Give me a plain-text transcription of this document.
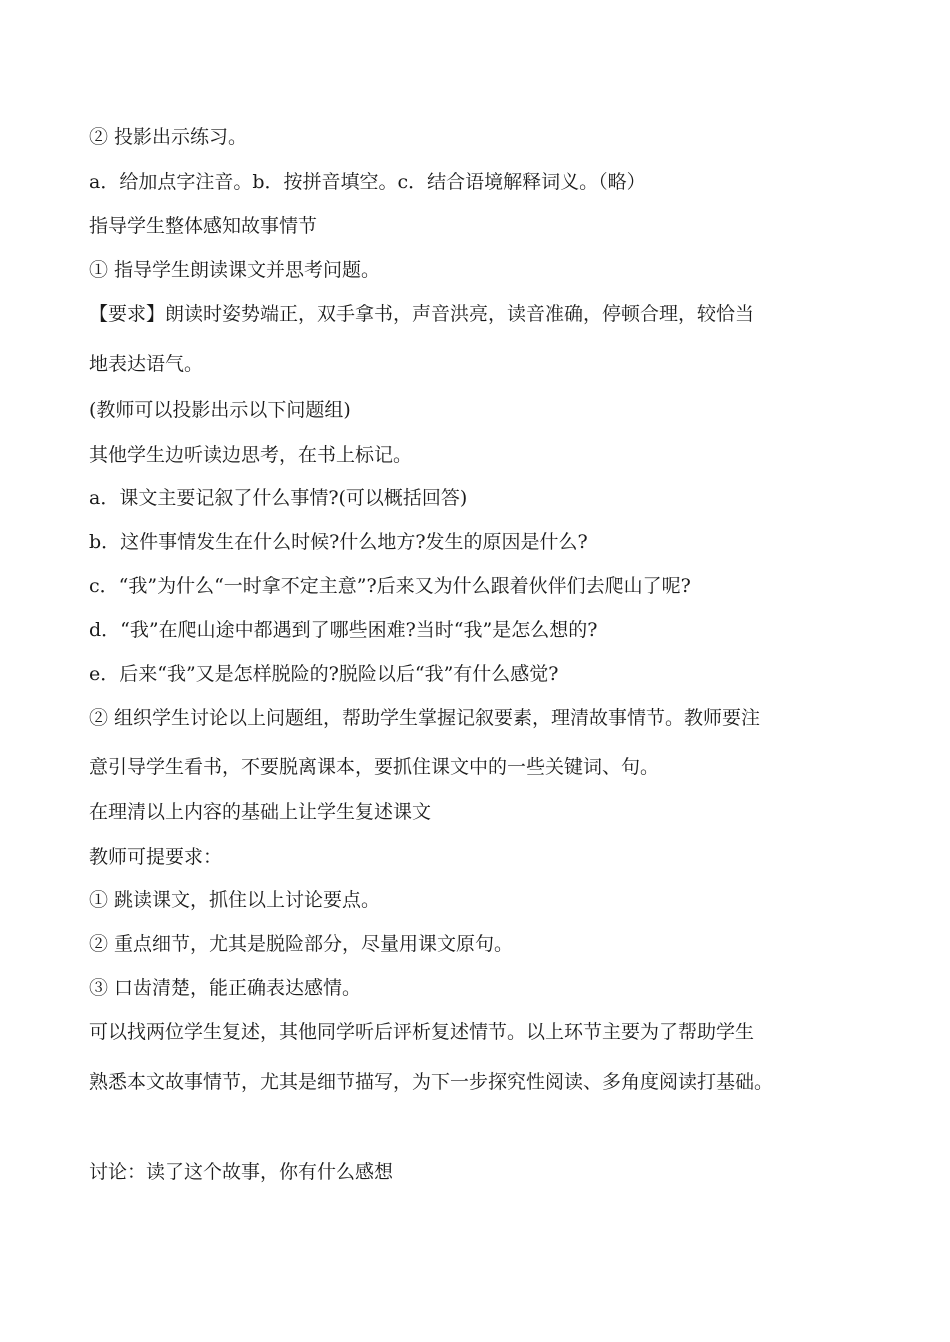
② 投影出示练习。
a．给加点字注音。b．按拼音填空。c．结合语境解释词义。（略）
指导学生整体感知故事情节
① 指导学生朗读课文并思考问题。
【要求】朗读时姿势端正，双手拿书，声音洪亮，读音准确，停顿合理，较恰当
地表达语气。
(教师可以投影出示以下问题组)
其他学生边听读边思考，在书上标记。
a．课文主要记叙了什么事情?(可以概括回答)
b．这件事情发生在什么时候?什么地方?发生的原因是什么?
c．“我”为什么“一时拿不定主意”?后来又为什么跟着伙伴们去爬山了呢?
d．“我”在爬山途中都遇到了哪些困难?当时“我”是怎么想的?
e．后来“我”又是怎样脱险的?脱险以后“我”有什么感觉?
② 组织学生讨论以上问题组，帮助学生掌握记叙要素，理清故事情节。教师要注
意引导学生看书，不要脱离课本，要抓住课文中的一些关键词、句。
在理清以上内容的基础上让学生复述课文
教师可提要求：
① 跳读课文，抓住以上讨论要点。
② 重点细节，尤其是脱险部分，尽量用课文原句。
③ 口齿清楚，能正确表达感情。
可以找两位学生复述，其他同学听后评析复述情节。以上环节主要为了帮助学生
熟悉本文故事情节，尤其是细节描写，为下一步探究性阅读、多角度阅读打基础。
讨论：读了这个故事，你有什么感想
